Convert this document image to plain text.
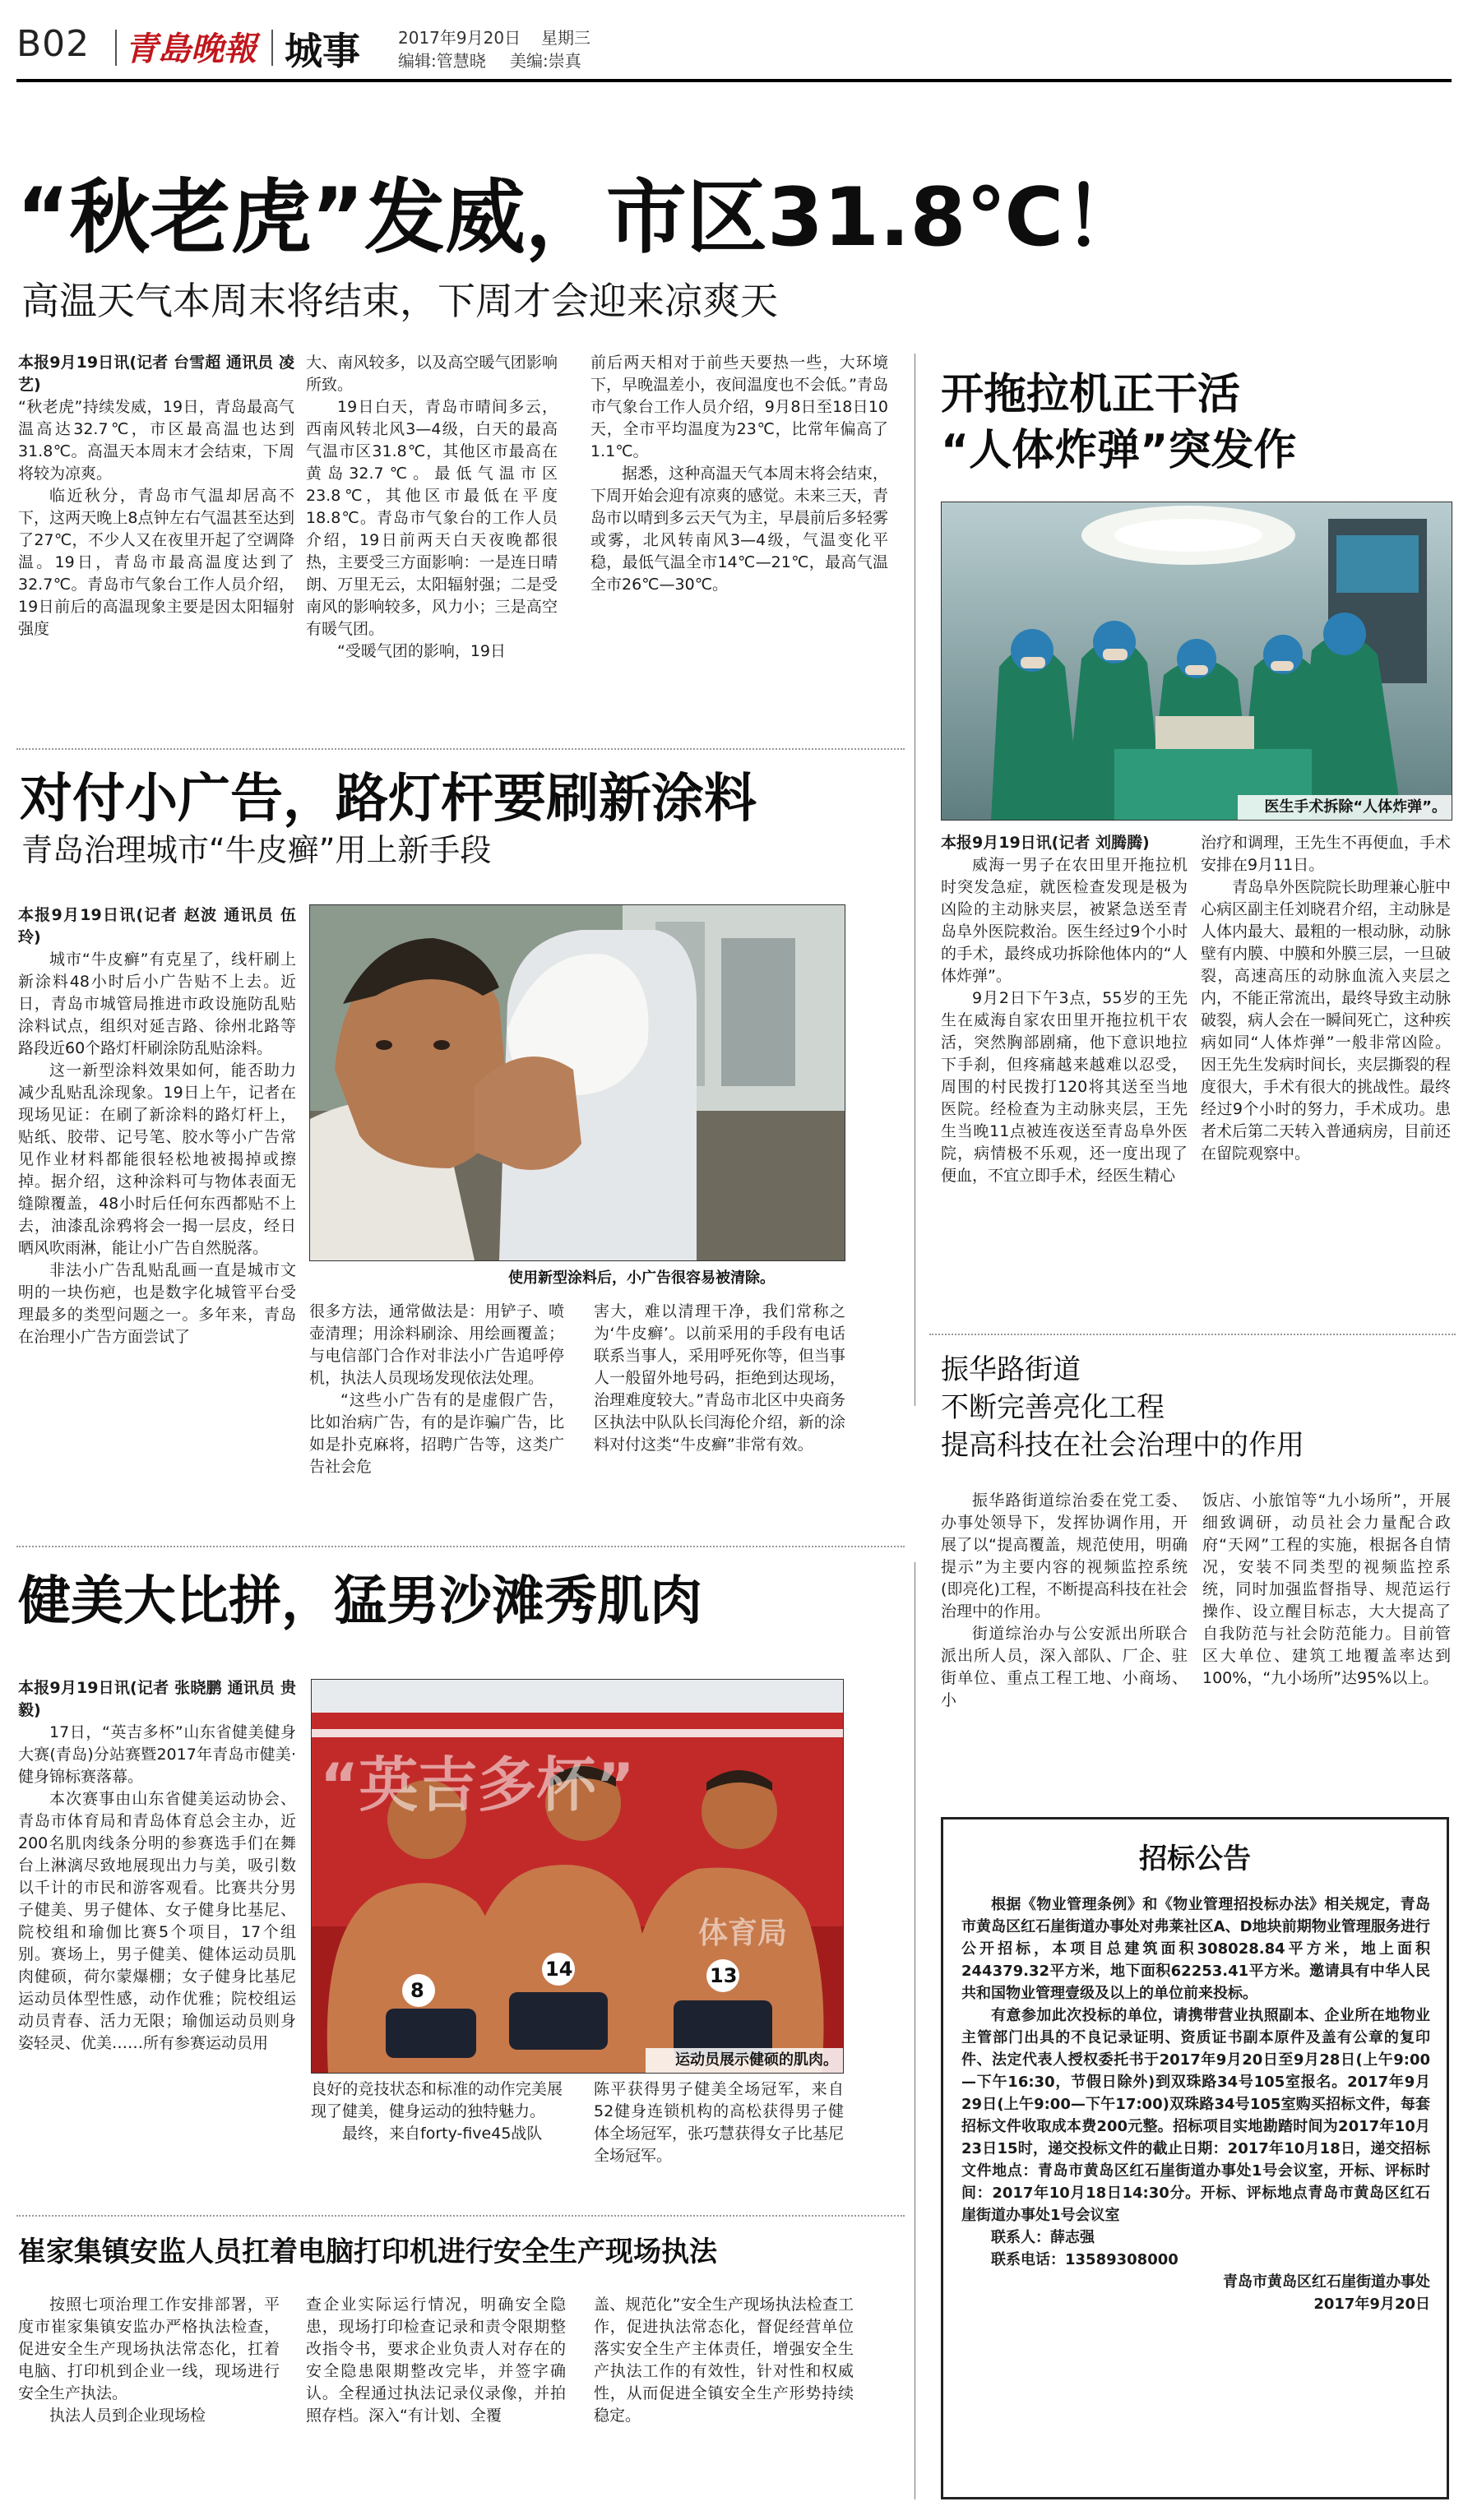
B02 青島晚報 城事 2017年9月20日 星期三
编辑:管慧晓 美编:崇真
“秋老虎”发威，市区31.8℃！
高温天气本周末将结束，下周才会迎来凉爽天

本报9月19日讯(记者 台雪超 通讯员 凌艺)

“秋老虎”持续发威，19日，青岛最高气温高达32.7℃，市区最高温也达到31.8℃。高温天本周末才会结束，下周将较为凉爽。

临近秋分，青岛市气温却居高不下，这两天晚上8点钟左右气温甚至达到了27℃，不少人又在夜里开起了空调降温。19日，青岛市最高温度达到了32.7℃。青岛市气象台工作人员介绍，19日前后的高温现象主要是因太阳辐射强度

大、南风较多，以及高空暖气团影响所致。

19日白天，青岛市晴间多云，西南风转北风3—4级，白天的最高气温市区31.8℃，其他区市最高在黄岛32.7℃。最低气温市区23.8℃，其他区市最低在平度18.8℃。青岛市气象台的工作人员介绍，19日前两天白天夜晚都很热，主要受三方面影响：一是连日晴朗、万里无云，太阳辐射强；二是受南风的影响较多，风力小；三是高空有暖气团。

“受暖气团的影响，19日

前后两天相对于前些天要热一些，大环境下，早晚温差小，夜间温度也不会低。”青岛市气象台工作人员介绍，9月8日至18日10天，全市平均温度为23℃，比常年偏高了1.1℃。

据悉，这种高温天气本周末将会结束，下周开始会迎有凉爽的感觉。未来三天，青岛市以晴到多云天气为主，早晨前后多轻雾或雾，北风转南风3—4级，气温变化平稳，最低气温全市14℃—21℃，最高气温全市26℃—30℃。

开拖拉机正干活
“人体炸弹”突发作
医生手术拆除“人体炸弹”。

本报9月19日讯(记者 刘腾腾)

威海一男子在农田里开拖拉机时突发急症，就医检查发现是极为凶险的主动脉夹层，被紧急送至青岛阜外医院救治。医生经过9个小时的手术，最终成功拆除他体内的“人体炸弹”。

9月2日下午3点，55岁的王先生在威海自家农田里开拖拉机干农活，突然胸部剧痛，他下意识地拉下手刹，但疼痛越来越难以忍受，周围的村民拨打120将其送至当地医院。经检查为主动脉夹层，王先生当晚11点被连夜送至青岛阜外医院，病情极不乐观，还一度出现了便血，不宜立即手术，经医生精心

治疗和调理，王先生不再便血，手术安排在9月11日。

青岛阜外医院院长助理兼心脏中心病区副主任刘晓君介绍，主动脉是人体内最大、最粗的一根动脉，动脉壁有内膜、中膜和外膜三层，一旦破裂，高速高压的动脉血流入夹层之内，不能正常流出，最终导致主动脉破裂，病人会在一瞬间死亡，这种疾病如同“人体炸弹”一般非常凶险。因王先生发病时间长，夹层撕裂的程度很大，手术有很大的挑战性。最终经过9个小时的努力，手术成功。患者术后第二天转入普通病房，目前还在留院观察中。

对付小广告，路灯杆要刷新涂料
青岛治理城市“牛皮癣”用上新手段

本报9月19日讯(记者 赵波 通讯员 伍玲)

城市“牛皮癣”有克星了，线杆刷上新涂料48小时后小广告贴不上去。近日，青岛市城管局推进市政设施防乱贴涂料试点，组织对延吉路、徐州北路等路段近60个路灯杆刷涂防乱贴涂料。

这一新型涂料效果如何，能否助力减少乱贴乱涂现象。19日上午，记者在现场见证：在刷了新涂料的路灯杆上，贴纸、胶带、记号笔、胶水等小广告常见作业材料都能很轻松地被揭掉或擦掉。据介绍，这种涂料可与物体表面无缝隙覆盖，48小时后任何东西都贴不上去，油漆乱涂鸦将会一揭一层皮，经日晒风吹雨淋，能让小广告自然脱落。

非法小广告乱贴乱画一直是城市文明的一块伤疤，也是数字化城管平台受理最多的类型问题之一。多年来，青岛在治理小广告方面尝试了

使用新型涂料后，小广告很容易被清除。

很多方法，通常做法是：用铲子、喷壶清理；用涂料刷涂、用绘画覆盖；与电信部门合作对非法小广告追呼停机，执法人员现场发现依法处理。

“这些小广告有的是虚假广告，比如治病广告，有的是诈骗广告，比如是扑克麻将，招聘广告等，这类广告社会危

害大，难以清理干净，我们常称之为‘牛皮癣’。以前采用的手段有电话联系当事人，采用呼死你等，但当事人一般留外地号码，拒绝到达现场，治理难度较大。”青岛市北区中央商务区执法中队队长闫海伦介绍，新的涂料对付这类“牛皮癣”非常有效。

振华路街道
不断完善亮化工程
提高科技在社会治理中的作用

振华路街道综治委在党工委、办事处领导下，发挥协调作用，开展了以“提高覆盖，规范使用，明确提示”为主要内容的视频监控系统(即亮化)工程，不断提高科技在社会治理中的作用。

街道综治办与公安派出所联合派出所人员，深入部队、厂企、驻街单位、重点工程工地、小商场、小

饭店、小旅馆等“九小场所”，开展细致调研，动员社会力量配合政府“天网”工程的实施，根据各自情况，安装不同类型的视频监控系统，同时加强监督指导、规范运行操作、设立醒目标志，大大提高了自我防范与社会防范能力。目前管区大单位、建筑工地覆盖率达到100%，“九小场所”达95%以上。

健美大比拼，猛男沙滩秀肌肉

本报9月19日讯(记者 张晓鹏 通讯员 贵毅)

17日，“英吉多杯”山东省健美健身大赛(青岛)分站赛暨2017年青岛市健美·健身锦标赛落幕。

本次赛事由山东省健美运动协会、青岛市体育局和青岛体育总会主办，近200名肌肉线条分明的参赛选手们在舞台上淋漓尽致地展现出力与美，吸引数以千计的市民和游客观看。比赛共分男子健美、男子健体、女子健身比基尼、院校组和瑜伽比赛5个项目，17个组别。赛场上，男子健美、健体运动员肌肉健硕，荷尔蒙爆棚；女子健身比基尼运动员体型性感，动作优雅；院校组运动员青春、活力无限；瑜伽运动员则身姿轻灵、优美……所有参赛运动员用

“英吉多杯”
体育局
8
14	13
运动员展示健硕的肌肉。

良好的竞技状态和标准的动作完美展现了健美，健身运动的独特魅力。

最终，来自forty-five45战队

陈平获得男子健美全场冠军，来自52健身连锁机构的高松获得男子健体全场冠军，张巧慧获得女子比基尼全场冠军。

崔家集镇安监人员扛着电脑打印机进行安全生产现场执法

按照七项治理工作安排部署，平度市崔家集镇安监办严格执法检查，促进安全生产现场执法常态化，扛着电脑、打印机到企业一线，现场进行安全生产执法。

执法人员到企业现场检

查企业实际运行情况，明确安全隐患，现场打印检查记录和责令限期整改指令书，要求企业负责人对存在的安全隐患限期整改完毕，并签字确认。全程通过执法记录仪录像，并拍照存档。深入“有计划、全覆

盖、规范化”安全生产现场执法检查工作，促进执法常态化，督促经营单位落实安全生产主体责任，增强安全生产执法工作的有效性，针对性和权威性，从而促进全镇安全生产形势持续稳定。

招标公告

根据《物业管理条例》和《物业管理招投标办法》相关规定，青岛市黄岛区红石崖街道办事处对弗莱社区A、D地块前期物业管理服务进行公开招标，本项目总建筑面积308028.84平方米，地上面积244379.32平方米，地下面积62253.41平方米。邀请具有中华人民共和国物业管理壹级及以上的单位前来投标。

有意参加此次投标的单位，请携带营业执照副本、企业所在地物业主管部门出具的不良记录证明、资质证书副本原件及盖有公章的复印件、法定代表人授权委托书于2017年9月20日至9月28日(上午9:00—下午16:30，节假日除外)到双珠路34号105室报名。2017年9月29日(上午9:00—下午17:00)双珠路34号105室购买招标文件，每套招标文件收取成本费200元整。招标项目实地勘踏时间为2017年10月23日15时，递交投标文件的截止日期：2017年10月18日，递交招标文件地点：青岛市黄岛区红石崖街道办事处1号会议室，开标、评标时间：2017年10月18日14:30分。开标、评标地点青岛市黄岛区红石崖街道办事处1号会议室

联系人：薛志强

联系电话：13589308000

青岛市黄岛区红石崖街道办事处

2017年9月20日
